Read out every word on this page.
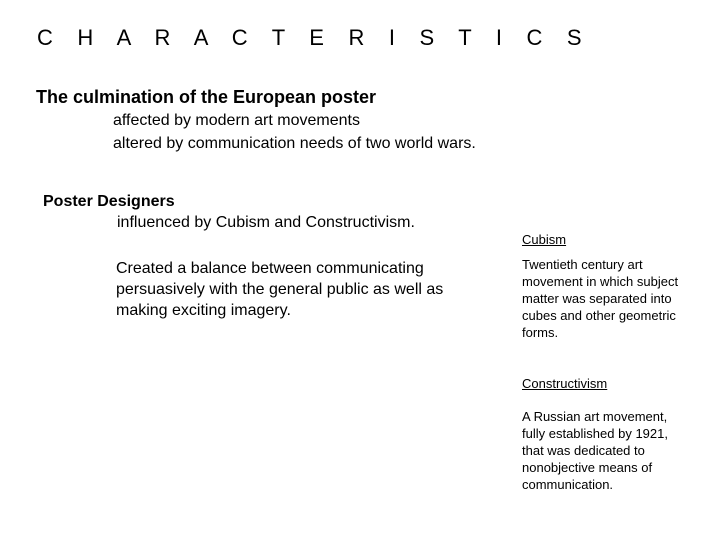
C H A R A C T E R I S T I C S
The culmination of the European poster
affected by modern art movements
altered by communication needs of two world wars.
Poster Designers
influenced by Cubism and Constructivism.
Created a balance between communicating persuasively with the general public as well as making exciting imagery.
Cubism
Twentieth century art movement in which subject matter was separated into cubes and other geometric forms.
Constructivism
A Russian art movement, fully established by 1921, that was dedicated to nonobjective means of communication.
